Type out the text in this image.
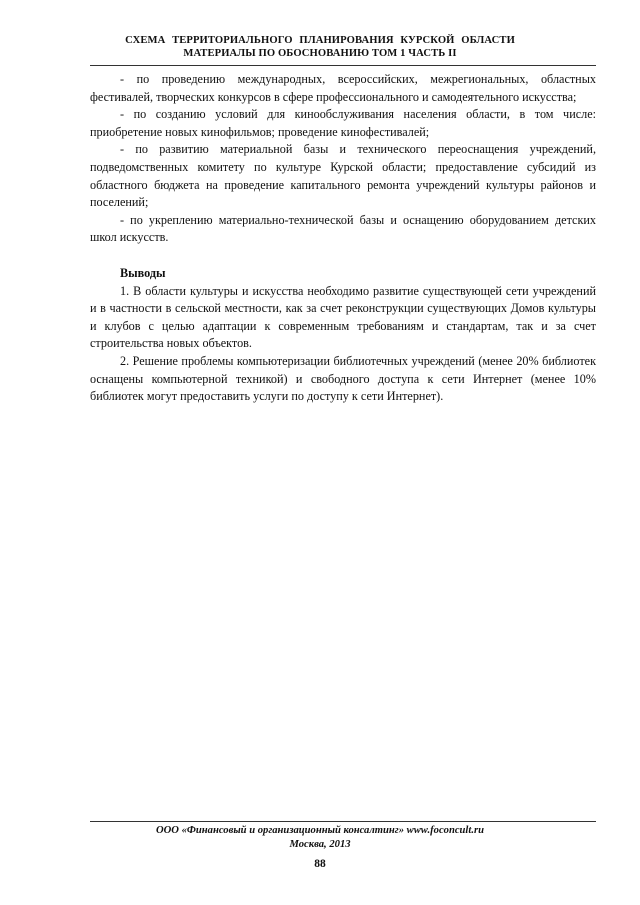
СХЕМА ТЕРРИТОРИАЛЬНОГО ПЛАНИРОВАНИЯ КУРСКОЙ ОБЛАСТИ
МАТЕРИАЛЫ ПО ОБОСНОВАНИЮ ТОМ 1 ЧАСТЬ II

- по проведению международных, всероссийских, межрегиональных, областных фестивалей, творческих конкурсов в сфере профессионального и самодеятельного искусства;

- по созданию условий для кинообслуживания населения области, в том числе: приобретение новых кинофильмов; проведение кинофестивалей;

- по развитию материальной базы и технического переоснащения учреждений, подведомственных комитету по культуре Курской области; предоставление субсидий из областного бюджета на проведение капитального ремонта учреждений культуры районов и поселений;

- по укреплению материально-технической базы и оснащению оборудованием детских школ искусств.

Выводы

1. В области культуры и искусства необходимо развитие существующей сети учреждений и в частности в сельской местности, как за счет реконструкции существующих Домов культуры и клубов с целью адаптации к современным требованиям и стандартам, так и за счет строительства новых объектов.

2. Решение проблемы компьютеризации библиотечных учреждений (менее 20% библиотек оснащены компьютерной техникой) и свободного доступа к сети Интернет (менее 10% библиотек могут предоставить услуги по доступу к сети Интернет).

ООО «Финансовый и организационный консалтинг» www.foconcult.ru
Москва, 2013
88
